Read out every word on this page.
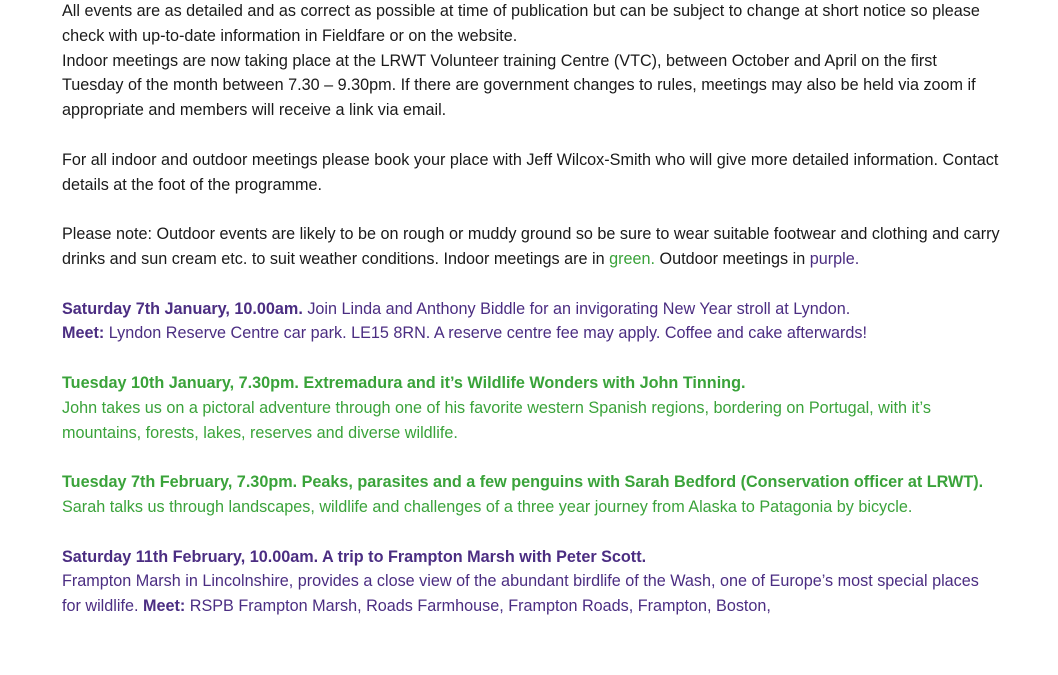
All events are as detailed and as correct as possible at time of publication but can be subject to change at short notice so please check with up-to-date information in Fieldfare or on the website.

Indoor meetings are now taking place at the LRWT Volunteer training Centre (VTC), between October and April on the first Tuesday of the month between 7.30 – 9.30pm. If there are government changes to rules, meetings may also be held via zoom if appropriate and members will receive a link via email.

For all indoor and outdoor meetings please book your place with Jeff Wilcox-Smith who will give more detailed information. Contact details at the foot of the programme.

Please note: Outdoor events are likely to be on rough or muddy ground so be sure to wear suitable footwear and clothing and carry drinks and sun cream etc. to suit weather conditions. Indoor meetings are in green. Outdoor meetings in purple.

Saturday 7th January, 10.00am. Join Linda and Anthony Biddle for an invigorating New Year stroll at Lyndon.

Meet: Lyndon Reserve Centre car park. LE15 8RN. A reserve centre fee may apply. Coffee and cake afterwards!

Tuesday 10th January, 7.30pm. Extremadura and it’s Wildlife Wonders with John Tinning.

John takes us on a pictoral adventure through one of his favorite western Spanish regions, bordering on Portugal, with it’s mountains, forests, lakes, reserves and diverse wildlife.

Tuesday 7th February, 7.30pm. Peaks, parasites and a few penguins with Sarah Bedford (Conservation officer at LRWT). Sarah talks us through landscapes, wildlife and challenges of a three year journey from Alaska to Patagonia by bicycle.

Saturday 11th February, 10.00am. A trip to Frampton Marsh with Peter Scott.

Frampton Marsh in Lincolnshire, provides a close view of the abundant birdlife of the Wash, one of Europe’s most special places for wildlife. Meet: RSPB Frampton Marsh, Roads Farmhouse, Frampton Roads, Frampton, Boston,
